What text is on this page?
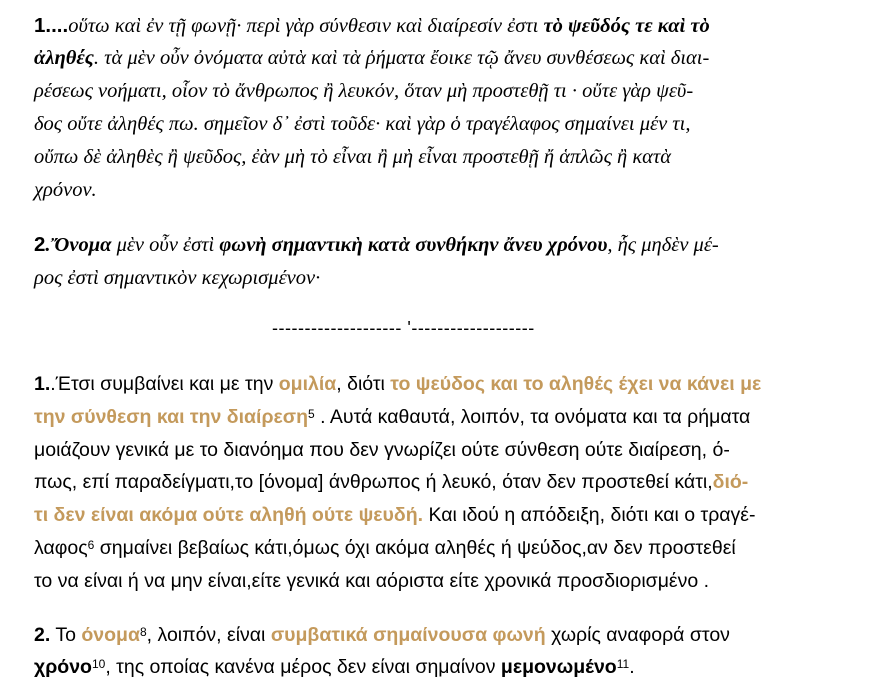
1....οὕτω καὶ ἐν τῇ φωνῇ· περὶ γὰρ σύνθεσιν καὶ διαίρεσίν ἐστι τὸ ψεῦδός τε καὶ τὸ
ἀληθές. τὰ μὲν οὖν ὀνόματα αὐτὰ καὶ τὰ ῥήματα ἔοικε τῷ ἄνευ συνθέσεως καὶ διαι-
ρέσεως νοήματι, οἷον τὸ ἄνθρωπος ἢ λευκόν, ὅταν μὴ προστεθῇ τι · οὔτε γὰρ ψεῦ-
δος οὔτε ἀληθές πω. σημεῖον δ᾽ ἐστὶ τοῦδε· καὶ γὰρ ὁ τραγέλαφος σημαίνει μέν τι,
οὔπω δὲ ἀληθὲς ἢ ψεῦδος, ἐὰν μὴ τὸ εἶναι ἢ μὴ εἶναι προστεθῇ ἤ ἁπλῶς ἢ κατὰ
χρόνον.
2.Ὄνομα μὲν οὖν ἐστὶ φωνὴ σημαντικὴ κατὰ συνθήκην ἄνευ χρόνου, ἧς μηδὲν μέ-
ρος ἐστὶ σημαντικὸν κεχωρισμένον·
-------------------- '-------------------
1..Έτσι συμβαίνει και με την ομιλία, διότι το ψεύδος και το αληθές έχει να κάνει με
την σύνθεση και την διαίρεση$^5$ . Αυτά καθαυτά, λοιπόν, τα ονόματα και τα ρήματα
μοιάζουν γενικά με το διανόημα που δεν γνωρίζει ούτε σύνθεση ούτε διαίρεση, ό-
πως, επί παραδείγματι,το [όνομα] άνθρωπος ή λευκό, όταν δεν προστεθεί κάτι,διό-
τι δεν είναι ακόμα ούτε αληθή ούτε ψευδή. Και ιδού η απόδειξη, διότι και ο τραγέ-
λαφος$^6$ σημαίνει βεβαίως κάτι,όμως όχι ακόμα αληθές ή ψεύδος,αν δεν προστεθεί
το να είναι ή να μην είναι,είτε γενικά και αόριστα είτε χρονικά προσδιορισμένο .
2. Το όνομα$^8$, λοιπόν, είναι συμβατικά σημαίνουσα φωνή χωρίς αναφορά στον
χρόνο$^{10}$, της οποίας κανένα μέρος δεν είναι σημαίνον μεμονωμένο$^{11}$.
